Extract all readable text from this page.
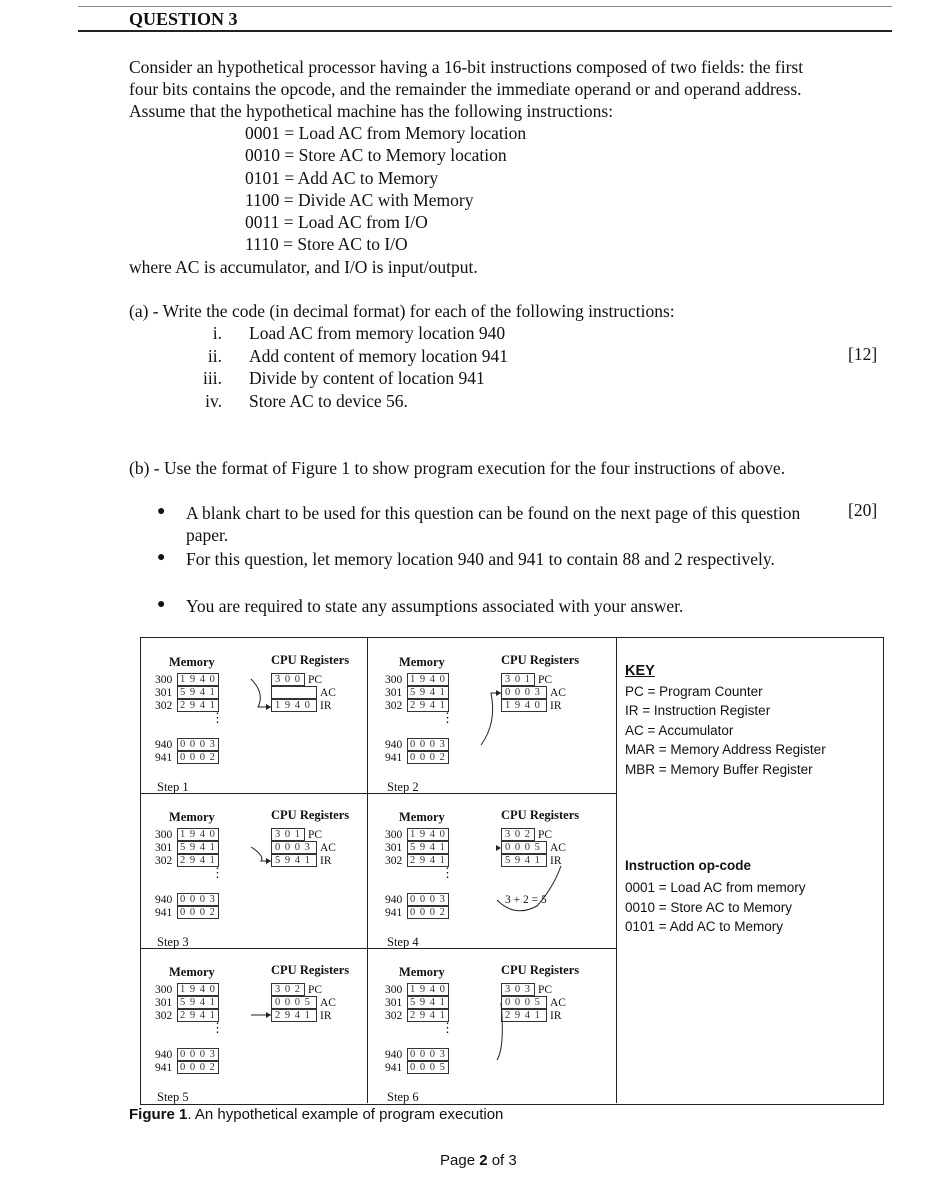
QUESTION 3
Consider an hypothetical processor having a 16-bit instructions composed of two fields: the first four bits contains the opcode, and the remainder the immediate operand or and operand address. Assume that the hypothetical machine has the following instructions:
0001 = Load AC from Memory location
0010 = Store AC to Memory location
0101 = Add AC to Memory
1100 = Divide AC with Memory
0011 = Load AC from I/O
1110 = Store AC to I/O
where AC is accumulator, and I/O is input/output.
(a) - Write the code (in decimal format) for each of the following instructions:
i. Load AC from memory location 940
ii. Add content of memory location 941
iii. Divide by content of location 941
iv. Store AC to device 56.
[12]
(b) - Use the format of Figure 1 to show program execution for the four instructions of above.
● A blank chart to be used for this question can be found on the next page of this question paper.
● For this question, let memory location 940 and 941 to contain 88 and 2 respectively.
● You are required to state any assumptions associated with your answer.
[20]
Memory	CPU Registers
300 1 9 4 0
301 5 9 4 1
302 2 9 4 1
940 0 0 0 3
941 0 0 0 2
⋮
3 0 0 PC
AC
1 9 4 0 IR
Step 1
Memory	CPU Registers
300 1 9 4 0
301 5 9 4 1
302 2 9 4 1
940 0 0 0 3
941 0 0 0 2
⋮
3 0 1 PC
0 0 0 3 AC
1 9 4 0 IR
Step 2
Memory	CPU Registers
300 1 9 4 0
301 5 9 4 1
302 2 9 4 1
940 0 0 0 3
941 0 0 0 2
⋮
3 0 1 PC
0 0 0 3 AC
5 9 4 1 IR
Step 3
Memory	CPU Registers
300 1 9 4 0
301 5 9 4 1
302 2 9 4 1
940 0 0 0 3
941 0 0 0 2
⋮
3 0 2 PC
0 0 0 5 AC
5 9 4 1 IR
Step 4
3 + 2 = 5
Memory	CPU Registers
300 1 9 4 0
301 5 9 4 1
302 2 9 4 1
940 0 0 0 3
941 0 0 0 2
⋮
3 0 2 PC
0 0 0 5 AC
2 9 4 1 IR
Step 5
Memory	CPU Registers
300 1 9 4 0
301 5 9 4 1
302 2 9 4 1
940 0 0 0 3
941 0 0 0 5
⋮
3 0 3 PC
0 0 0 5 AC
2 9 4 1 IR
Step 6
KEY
PC = Program Counter
IR = Instruction Register
AC = Accumulator
MAR = Memory Address Register
MBR = Memory Buffer Register
Instruction op-code
0001 = Load AC from memory
0010 = Store AC to Memory
0101 = Add AC to Memory
Figure 1. An hypothetical example of program execution
Page 2 of 3
